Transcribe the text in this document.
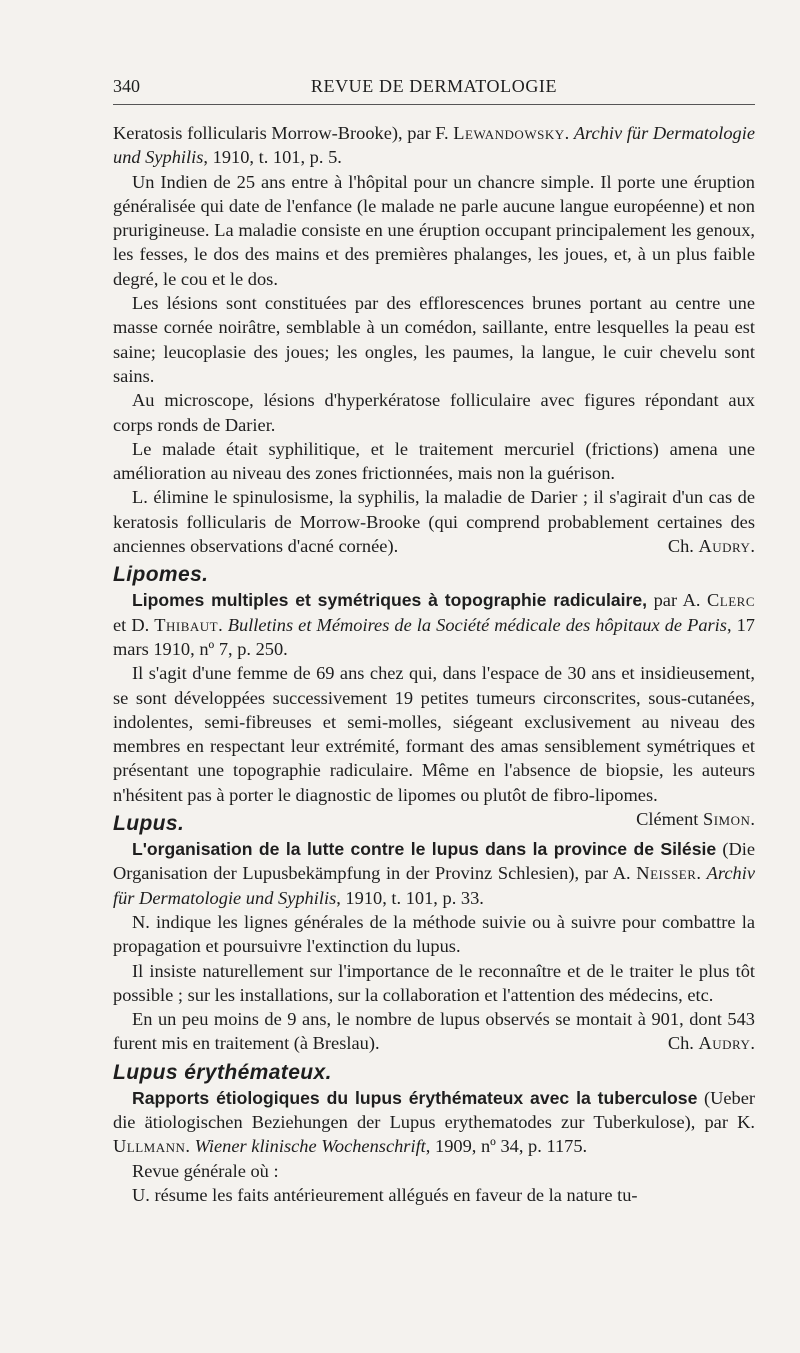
340	REVUE DE DERMATOLOGIE

Keratosis follicularis Morrow-Brooke), par F. Lewandowsky. Archiv für Dermatologie und Syphilis, 1910, t. 101, p. 5.

Un Indien de 25 ans entre à l'hôpital pour un chancre simple. Il porte une éruption généralisée qui date de l'enfance (le malade ne parle aucune langue européenne) et non prurigineuse. La maladie consiste en une éruption occupant principalement les genoux, les fesses, le dos des mains et des premières phalanges, les joues, et, à un plus faible degré, le cou et le dos.

Les lésions sont constituées par des efflorescences brunes portant au centre une masse cornée noirâtre, semblable à un comédon, saillante, entre lesquelles la peau est saine; leucoplasie des joues; les ongles, les paumes, la langue, le cuir chevelu sont sains.

Au microscope, lésions d'hyperkératose folliculaire avec figures répondant aux corps ronds de Darier.

Le malade était syphilitique, et le traitement mercuriel (frictions) amena une amélioration au niveau des zones frictionnées, mais non la guérison.

L. élimine le spinulosisme, la syphilis, la maladie de Darier ; il s'agirait d'un cas de keratosis follicularis de Morrow-Brooke (qui comprend probablement certaines des anciennes observations d'acné cornée).	Ch. Audry.

Lipomes.

Lipomes multiples et symétriques à topographie radiculaire, par A. Clerc et D. Thibaut. Bulletins et Mémoires de la Société médicale des hôpitaux de Paris, 17 mars 1910, nº 7, p. 250.

Il s'agit d'une femme de 69 ans chez qui, dans l'espace de 30 ans et insidieusement, se sont développées successivement 19 petites tumeurs circonscrites, sous-cutanées, indolentes, semi-fibreuses et semi-molles, siégeant exclusivement au niveau des membres en respectant leur extrémité, formant des amas sensiblement symétriques et présentant une topographie radiculaire. Même en l'absence de biopsie, les auteurs n'hésitent pas à porter le diagnostic de lipomes ou plutôt de fibro-lipomes.
Clément Simon.

Lupus.

L'organisation de la lutte contre le lupus dans la province de Silésie (Die Organisation der Lupusbekämpfung in der Provinz Schlesien), par A. Neisser. Archiv für Dermatologie und Syphilis, 1910, t. 101, p. 33.

N. indique les lignes générales de la méthode suivie ou à suivre pour combattre la propagation et poursuivre l'extinction du lupus.

Il insiste naturellement sur l'importance de le reconnaître et de le traiter le plus tôt possible ; sur les installations, sur la collaboration et l'attention des médecins, etc.

En un peu moins de 9 ans, le nombre de lupus observés se montait à 901, dont 543 furent mis en traitement (à Breslau).	Ch. Audry.

Lupus érythémateux.

Rapports étiologiques du lupus érythémateux avec la tuberculose (Ueber die ätiologischen Beziehungen der Lupus erythematodes zur Tuberkulose), par K. Ullmann. Wiener klinische Wochenschrift, 1909, nº 34, p. 1175.

Revue générale où :

U. résume les faits antérieurement allégués en faveur de la nature tu-
